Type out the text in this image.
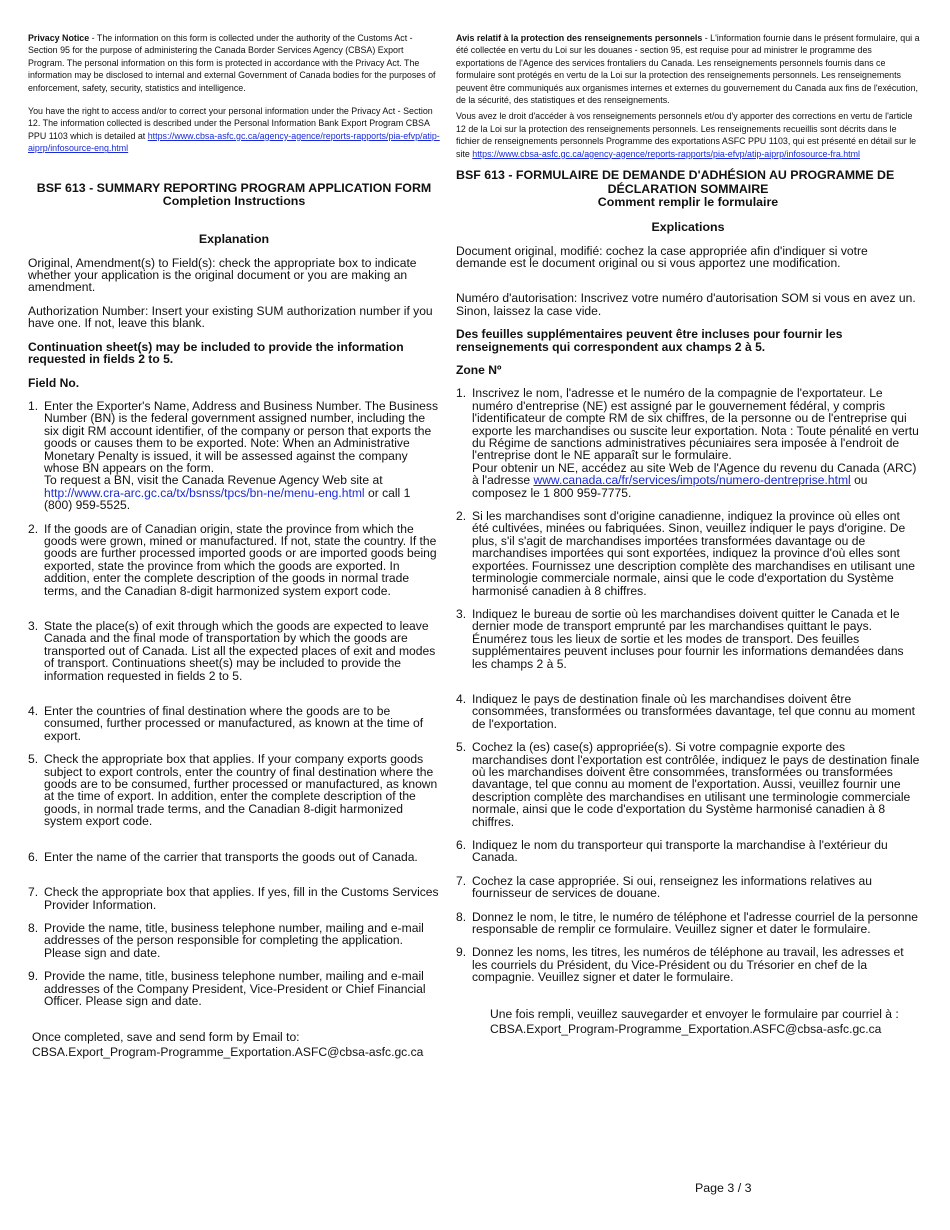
Privacy Notice - The information on this form is collected under the authority of the Customs Act - Section 95 for the purpose of administering the Canada Border Services Agency (CBSA) Export Program. The personal information on this form is protected in accordance with the Privacy Act. The information may be disclosed to internal and external Government of Canada bodies for the purposes of enforcement, safety, security, statistics and intelligence.

You have the right to access and/or to correct your personal information under the Privacy Act - Section 12. The information collected is described under the Personal Information Bank Export Program CBSA PPU 1103 which is detailed at https://www.cbsa-asfc.gc.ca/agency-agence/reports-rapports/pia-efvp/atip-aiprp/infosource-eng.html

BSF 613 - SUMMARY REPORTING PROGRAM APPLICATION FORM
Completion Instructions

Explanation

Original, Amendment(s) to Field(s): check the appropriate box to indicate whether your application is the original document or you are making an amendment.

Authorization Number: Insert your existing SUM authorization number if you have one. If not, leave this blank.

Continuation sheet(s) may be included to provide the information requested in fields 2 to 5.

Field No.

1. Enter the Exporter's Name, Address and Business Number. The Business Number (BN) is the federal government assigned number, including the six digit RM account identifier, of the company or person that exports the goods or causes them to be exported. Note: When an Administrative Monetary Penalty is issued, it will be assessed against the company whose BN appears on the form.
To request a BN, visit the Canada Revenue Agency Web site at http://www.cra-arc.gc.ca/tx/bsnss/tpcs/bn-ne/menu-eng.html or call 1 (800) 959-5525.
2. If the goods are of Canadian origin, state the province from which the goods were grown, mined or manufactured. If not, state the country. If the goods are further processed imported goods or are imported goods being exported, state the province from which the goods are exported. In addition, enter the complete description of the goods in normal trade terms, and the Canadian 8-digit harmonized system export code.
3. State the place(s) of exit through which the goods are expected to leave Canada and the final mode of transportation by which the goods are transported out of Canada. List all the expected places of exit and modes of transport. Continuations sheet(s) may be included to provide the information requested in fields 2 to 5.
4. Enter the countries of final destination where the goods are to be consumed, further processed or manufactured, as known at the time of export.
5. Check the appropriate box that applies. If your company exports goods subject to export controls, enter the country of final destination where the goods are to be consumed, further processed or manufactured, as known at the time of export. In addition, enter the complete description of the goods, in normal trade terms, and the Canadian 8-digit harmonized system export code.
6. Enter the name of the carrier that transports the goods out of Canada.
7. Check the appropriate box that applies. If yes, fill in the Customs Services Provider Information.
8. Provide the name, title, business telephone number, mailing and e-mail addresses of the person responsible for completing the application. Please sign and date.
9. Provide the name, title, business telephone number, mailing and e-mail addresses of the Company President, Vice-President or Chief Financial Officer. Please sign and date.

Once completed, save and send form by Email to:

CBSA.Export_Program-Programme_Exportation.ASFC@cbsa-asfc.gc.ca

Avis relatif à la protection des renseignements personnels - L'information fournie dans le présent formulaire, qui a été collectée en vertu du Loi sur les douanes - section 95, est requise pour ad ministrer le programme des exportations de l'Agence des services frontaliers du Canada. Les renseignements personnels fournis dans ce formulaire sont protégés en vertu de la Loi sur la protection des renseignements personnels. Les renseignements peuvent être communiqués aux organismes internes et externes du gouvernement du Canada aux fins de l'exécution, de la sécurité, des statistiques et des renseignements.

Vous avez le droit d'accéder à vos renseignements personnels et/ou d'y apporter des corrections en vertu de l'article 12 de la Loi sur la protection des renseignements personnels. Les renseignements recueillis sont décrits dans le fichier de renseignements personnels Programme des exportations ASFC PPU 1103, qui est présenté en détail sur le site https://www.cbsa-asfc.gc.ca/agency-agence/reports-rapports/pia-efvp/atip-aiprp/infosource-fra.html

BSF 613 - FORMULAIRE DE DEMANDE D'ADHÉSION AU PROGRAMME DE
DÉCLARATION SOMMAIRE
Comment remplir le formulaire

Explications

Document original, modifié: cochez la case appropriée afin d'indiquer si votre demande est le document original ou si vous apportez une modification.

Numéro d'autorisation: Inscrivez votre numéro d'autorisation SOM si vous en avez un. Sinon, laissez la case vide.

Des feuilles supplémentaires peuvent être incluses pour fournir les renseignements qui correspondent aux champs 2 à 5.

Zone Nº

1. Inscrivez le nom, l'adresse et le numéro de la compagnie de l'exportateur. Le numéro d'entreprise (NE) est assigné par le gouvernement fédéral, y compris l'identificateur de compte RM de six chiffres, de la personne ou de l'entreprise qui exporte les marchandises ou suscite leur exportation. Nota : Toute pénalité en vertu du Régime de sanctions administratives pécuniaires sera imposée à l'endroit de l'entreprise dont le NE apparaît sur le formulaire.
Pour obtenir un NE, accédez au site Web de l'Agence du revenu du Canada (ARC) à l'adresse www.canada.ca/fr/services/impots/numero-dentreprise.html ou composez le 1 800 959-7775.
2. Si les marchandises sont d'origine canadienne, indiquez la province où elles ont été cultivées, minées ou fabriquées. Sinon, veuillez indiquer le pays d'origine. De plus, s'il s'agit de marchandises importées transformées davantage ou de marchandises importées qui sont exportées, indiquez la province d'où elles sont exportées. Fournissez une description complète des marchandises en utilisant une terminologie commerciale normale, ainsi que le code d'exportation du Système harmonisé canadien à 8 chiffres.
3. Indiquez le bureau de sortie où les marchandises doivent quitter le Canada et le dernier mode de transport emprunté par les marchandises quittant le pays. Énumérez tous les lieux de sortie et les modes de transport. Des feuilles supplémentaires peuvent incluses pour fournir les informations demandées dans les champs 2 à 5.
4. Indiquez le pays de destination finale où les marchandises doivent être consommées, transformées ou transformées davantage, tel que connu au moment de l'exportation.
5. Cochez la (es) case(s) appropriée(s). Si votre compagnie exporte des marchandises dont l'exportation est contrôlée, indiquez le pays de destination finale où les marchandises doivent être consommées, transformées ou transformées davantage, tel que connu au moment de l'exportation. Aussi, veuillez fournir une description complète des marchandises en utilisant une terminologie commerciale normale, ainsi que le code d'exportation du Système harmonisé canadien à 8 chiffres.
6. Indiquez le nom du transporteur qui transporte la marchandise à l'extérieur du Canada.
7. Cochez la case appropriée. Si oui, renseignez les informations relatives au fournisseur de services de douane.
8. Donnez le nom, le titre, le numéro de téléphone et l'adresse courriel de la personne responsable de remplir ce formulaire. Veuillez signer et dater le formulaire.
9. Donnez les noms, les titres, les numéros de téléphone au travail, les adresses et les courriels du Président, du Vice-Président ou du Trésorier en chef de la compagnie. Veuillez signer et dater le formulaire.

Une fois rempli, veuillez sauvegarder et envoyer le formulaire par courriel à :

CBSA.Export_Program-Programme_Exportation.ASFC@cbsa-asfc.gc.ca

Page 3 / 3
